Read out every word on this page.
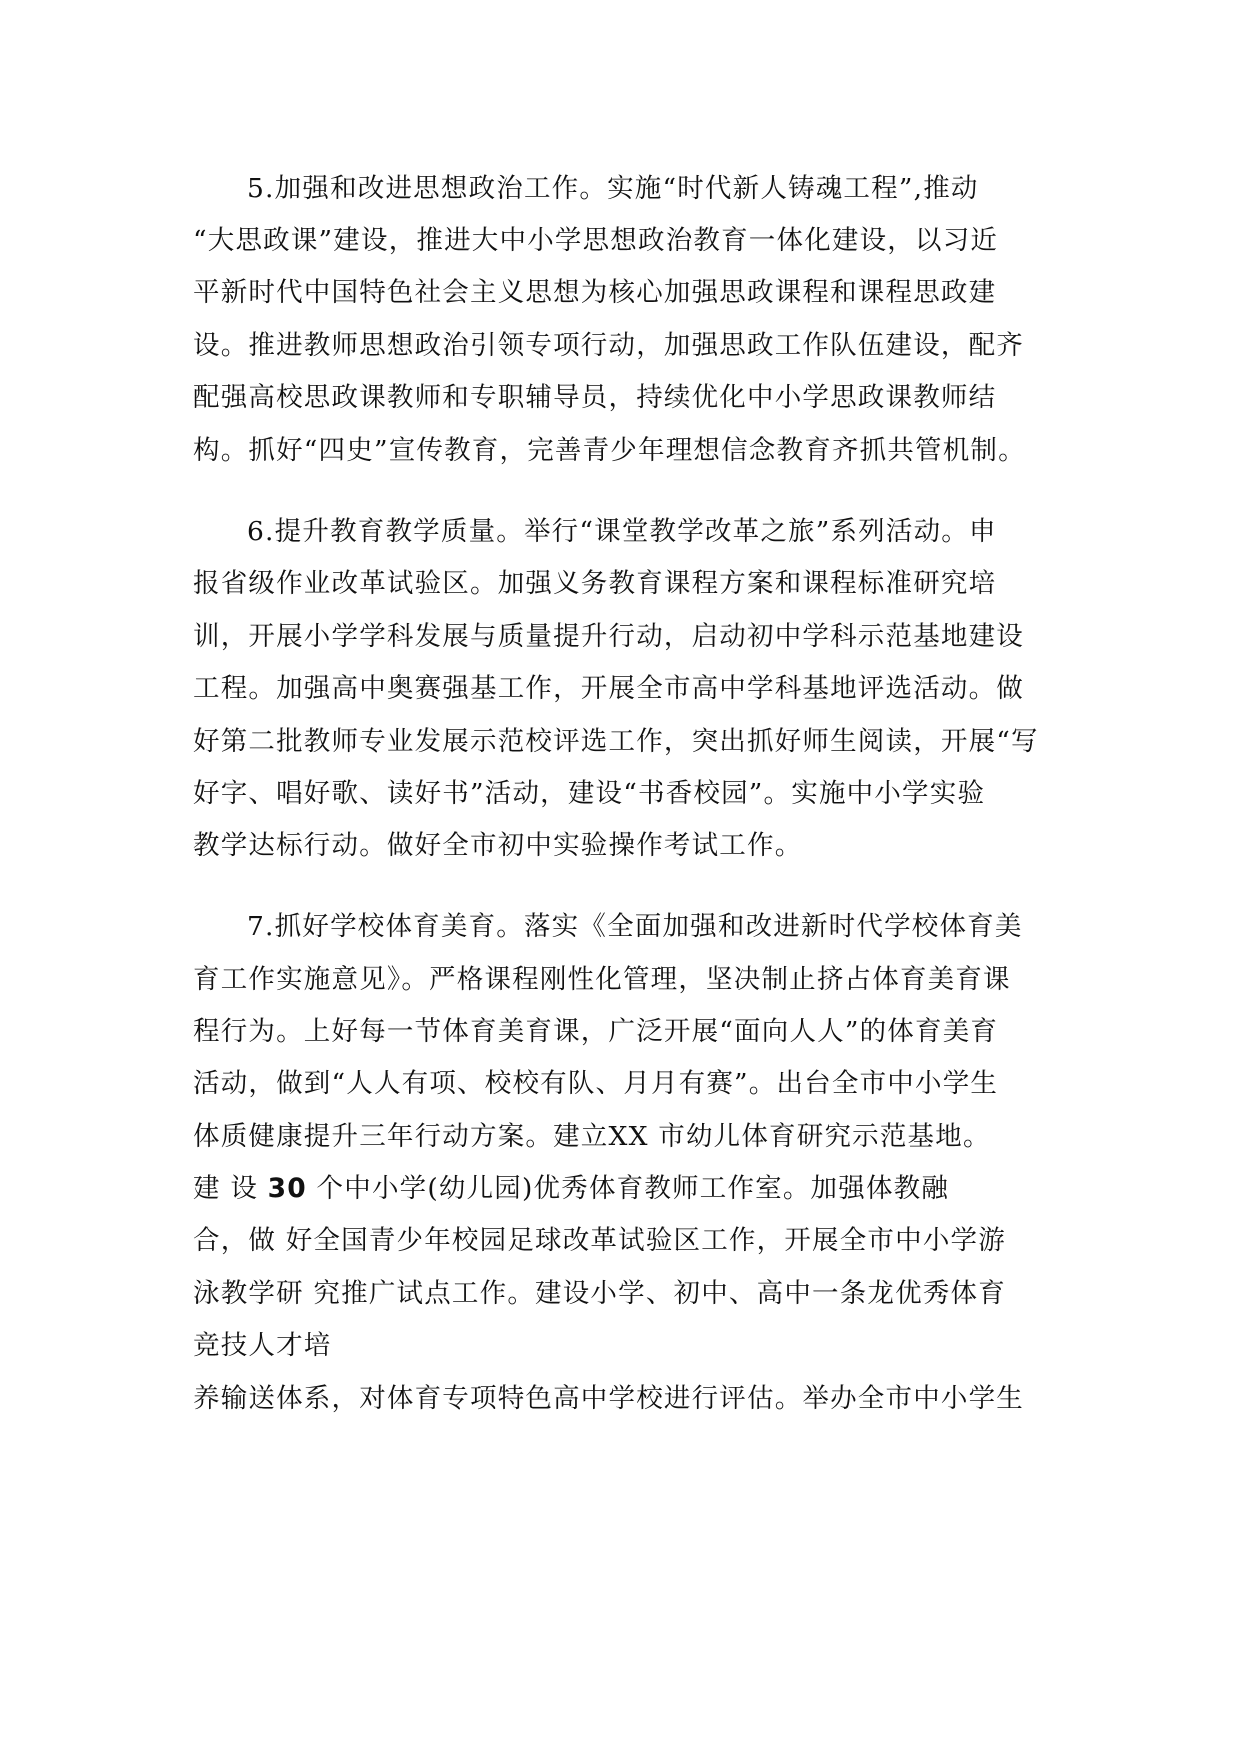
5.加强和改进思想政治工作。实施“时代新人铸魂工程”,推动
“大思政课”建设，推进大中小学思想政治教育一体化建设，以习近
平新时代中国特色社会主义思想为核心加强思政课程和课程思政建
设。推进教师思想政治引领专项行动，加强思政工作队伍建设，配齐
配强高校思政课教师和专职辅导员，持续优化中小学思政课教师结
构。抓好“四史”宣传教育，完善青少年理想信念教育齐抓共管机制。
6.提升教育教学质量。举行“课堂教学改革之旅”系列活动。申
报省级作业改革试验区。加强义务教育课程方案和课程标准研究培
训，开展小学学科发展与质量提升行动，启动初中学科示范基地建设
工程。加强高中奥赛强基工作，开展全市高中学科基地评选活动。做
好第二批教师专业发展示范校评选工作，突出抓好师生阅读，开展“写
好字、唱好歌、读好书”活动，建设“书香校园”。实施中小学实验
教学达标行动。做好全市初中实验操作考试工作。
7.抓好学校体育美育。落实《全面加强和改进新时代学校体育美
育工作实施意见》。严格课程刚性化管理，坚决制止挤占体育美育课
程行为。上好每一节体育美育课，广泛开展“面向人人”的体育美育
活动，做到“人人有项、校校有队、月月有赛”。出台全市中小学生
体质健康提升三年行动方案。建立XX 市幼儿体育研究示范基地。
建 设 30 个中小学(幼儿园)优秀体育教师工作室。加强体教融
合，做 好全国青少年校园足球改革试验区工作，开展全市中小学游
泳教学研 究推广试点工作。建设小学、初中、高中一条龙优秀体育
竞技人才培
养输送体系，对体育专项特色高中学校进行评估。举办全市中小学生
